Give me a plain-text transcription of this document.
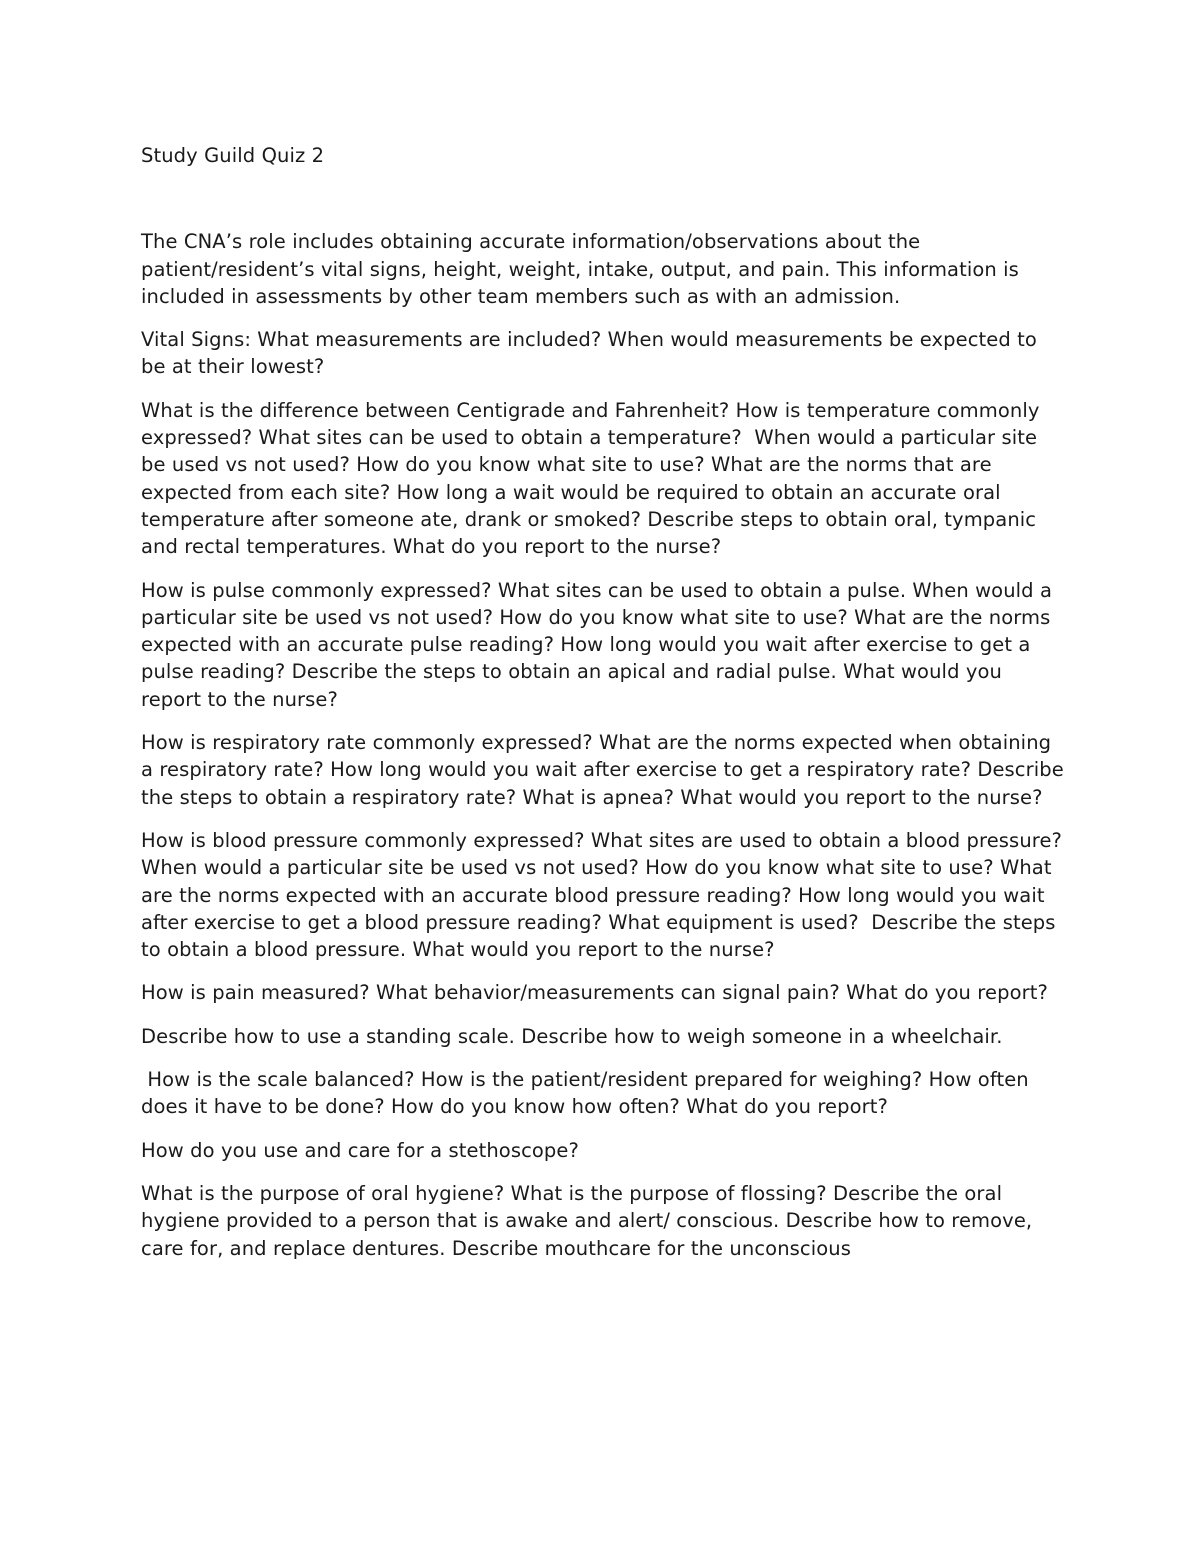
Study Guild Quiz 2

The CNA’s role includes obtaining accurate information/observations about the patient/resident’s vital signs, height, weight, intake, output, and pain. This information is included in assessments by other team members such as with an admission.

Vital Signs: What measurements are included? When would measurements be expected to be at their lowest?

What is the difference between Centigrade and Fahrenheit? How is temperature commonly expressed? What sites can be used to obtain a temperature?  When would a particular site be used vs not used? How do you know what site to use? What are the norms that are expected from each site? How long a wait would be required to obtain an accurate oral temperature after someone ate, drank or smoked? Describe steps to obtain oral, tympanic and rectal temperatures. What do you report to the nurse?

How is pulse commonly expressed? What sites can be used to obtain a pulse. When would a particular site be used vs not used? How do you know what site to use? What are the norms expected with an accurate pulse reading? How long would you wait after exercise to get a pulse reading? Describe the steps to obtain an apical and radial pulse. What would you report to the nurse?

How is respiratory rate commonly expressed? What are the norms expected when obtaining a respiratory rate? How long would you wait after exercise to get a respiratory rate? Describe the steps to obtain a respiratory rate? What is apnea? What would you report to the nurse?

How is blood pressure commonly expressed? What sites are used to obtain a blood pressure? When would a particular site be used vs not used? How do you know what site to use? What are the norms expected with an accurate blood pressure reading? How long would you wait after exercise to get a blood pressure reading? What equipment is used?  Describe the steps to obtain a blood pressure. What would you report to the nurse?

How is pain measured? What behavior/measurements can signal pain? What do you report?

Describe how to use a standing scale. Describe how to weigh someone in a wheelchair.

How is the scale balanced? How is the patient/resident prepared for weighing? How often does it have to be done? How do you know how often? What do you report?

How do you use and care for a stethoscope?

What is the purpose of oral hygiene? What is the purpose of flossing? Describe the oral hygiene provided to a person that is awake and alert/ conscious. Describe how to remove, care for, and replace dentures. Describe mouthcare for the unconscious
